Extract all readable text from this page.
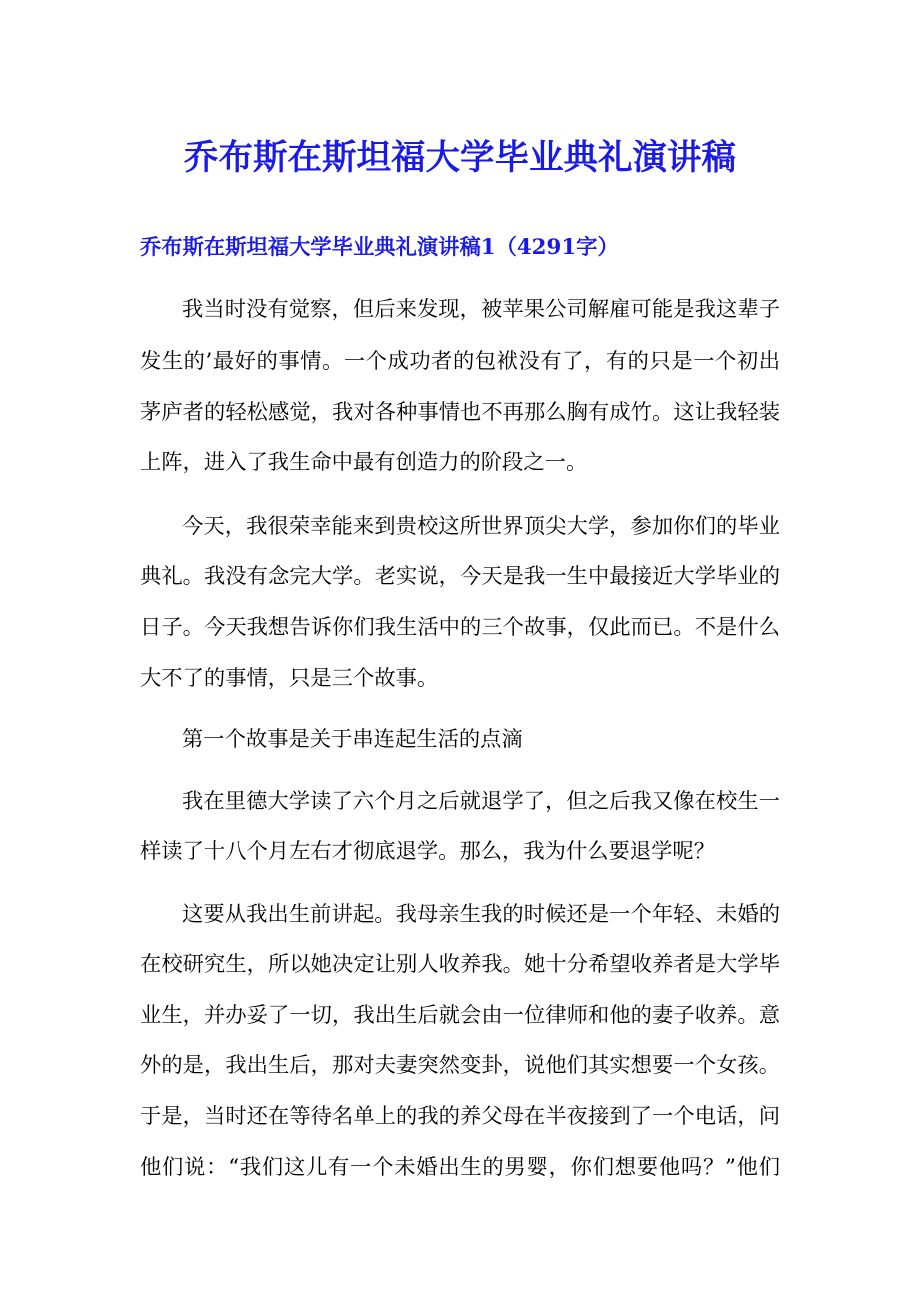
乔布斯在斯坦福大学毕业典礼演讲稿
乔布斯在斯坦福大学毕业典礼演讲稿1（4291字）
我当时没有觉察，但后来发现，被苹果公司解雇可能是我这辈子
发生的’最好的事情。一个成功者的包袱没有了，有的只是一个初出
茅庐者的轻松感觉，我对各种事情也不再那么胸有成竹。这让我轻装
上阵，进入了我生命中最有创造力的阶段之一。
今天，我很荣幸能来到贵校这所世界顶尖大学，参加你们的毕业
典礼。我没有念完大学。老实说，今天是我一生中最接近大学毕业的
日子。今天我想告诉你们我生活中的三个故事，仅此而已。不是什么
大不了的事情，只是三个故事。
第一个故事是关于串连起生活的点滴
我在里德大学读了六个月之后就退学了，但之后我又像在校生一
样读了十八个月左右才彻底退学。那么，我为什么要退学呢？
这要从我出生前讲起。我母亲生我的时候还是一个年轻、未婚的
在校研究生，所以她决定让别人收养我。她十分希望收养者是大学毕
业生，并办妥了一切，我出生后就会由一位律师和他的妻子收养。意
外的是，我出生后，那对夫妻突然变卦，说他们其实想要一个女孩。
于是，当时还在等待名单上的我的养父母在半夜接到了一个电话，问
他们说：“我们这儿有一个未婚出生的男婴，你们想要他吗？”他们
